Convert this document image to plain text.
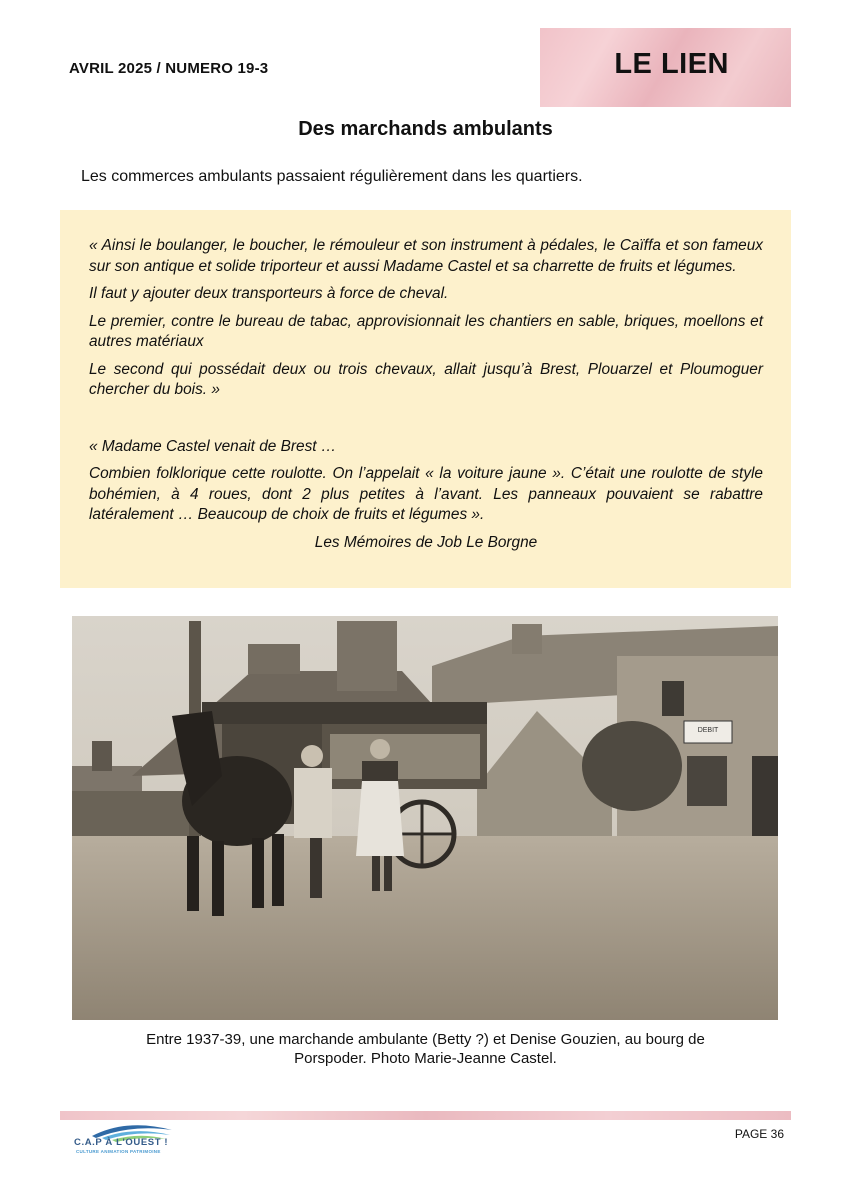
AVRIL 2025 / NUMERO 19-3	LE LIEN
Des marchands ambulants
Les commerces ambulants passaient régulièrement dans les quartiers.

« Ainsi le boulanger, le boucher, le rémouleur et son instrument à pédales, le Caïffa et son fameux sur son antique et solide triporteur et aussi Madame Castel et sa charrette de fruits et légumes.

Il faut y ajouter deux transporteurs à force de cheval.

Le premier, contre le bureau de tabac, approvisionnait les chantiers en sable, briques, moellons et autres matériaux

Le second qui possédait deux ou trois chevaux, allait jusqu’à Brest, Plouarzel et Ploumoguer chercher du bois. »

« Madame Castel venait de Brest …

Combien folklorique cette roulotte. On l’appelait « la voiture jaune ». C’était une roulotte de style bohémien, à 4 roues, dont 2 plus petites à l’avant. Les panneaux pouvaient se rabattre latéralement … Beaucoup de choix de fruits et légumes ».

Les Mémoires de Job Le Borgne

DEBIT
Entre 1937-39, une marchande ambulante (Betty ?) et Denise Gouzien, au bourg de
Porspoder. Photo Marie-Jeanne Castel.
C.A.P À L'OUEST !
CULTURE ANIMATION PATRIMOINE
PAGE 36
